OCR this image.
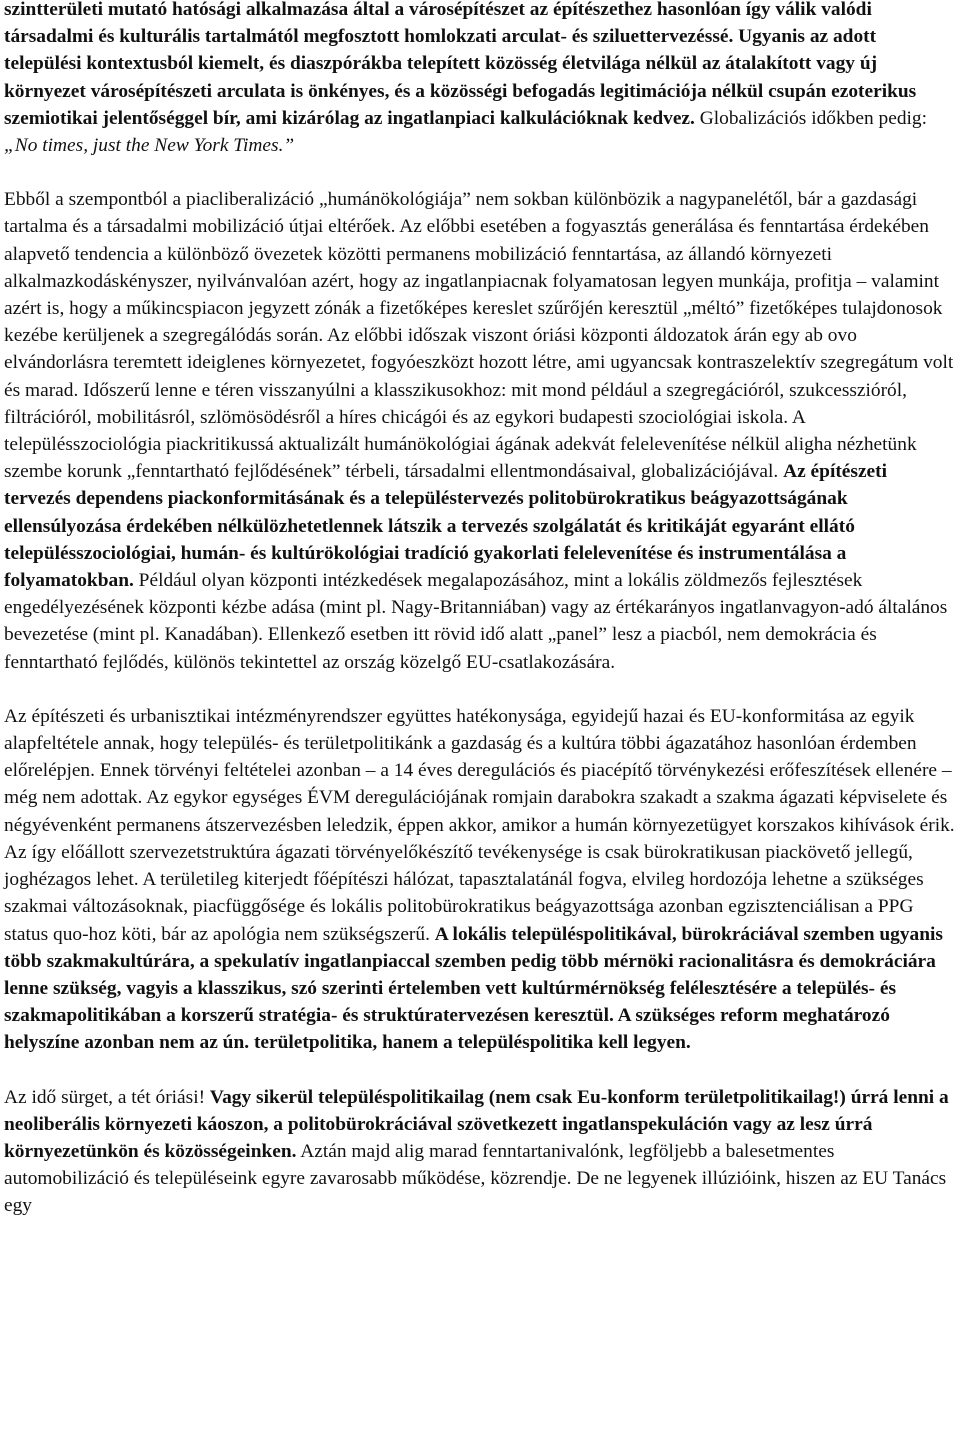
szintterületi mutató hatósági alkalmazása által a városépítészet az építészethez hasonlóan így válik valódi társadalmi és kulturális tartalmától megfosztott homlokzati arculat- és sziluettervezéssé. Ugyanis az adott települési kontextusból kiemelt, és diaszpórákba telepített közösség életvilága nélkül az átalakított vagy új környezet városépítészeti arculata is önkényes, és a közösségi befogadás legitimációja nélkül csupán ezoterikus szemiotikai jelentőséggel bír, ami kizárólag az ingatlanpiaci kalkulációknak kedvez. Globalizációs időkben pedig: „No times, just the New York Times.”

Ebből a szempontból a piacliberalizáció „humánökológiája” nem sokban különbözik a nagypanelétől, bár a gazdasági tartalma és a társadalmi mobilizáció útjai eltérőek. Az előbbi esetében a fogyasztás generálása és fenntartása érdekében alapvető tendencia a különböző övezetek közötti permanens mobilizáció fenntartása, az állandó környezeti alkalmazkodáskényszer, nyilvánvalóan azért, hogy az ingatlanpiacnak folyamatosan legyen munkája, profitja – valamint azért is, hogy a műkincspiacon jegyzett zónák a fizetőképes kereslet szűrőjén keresztül „méltó” fizetőképes tulajdonosok kezébe kerüljenek a szegregálódás során. Az előbbi időszak viszont óriási központi áldozatok árán egy ab ovo elvándorlásra teremtett ideiglenes környezetet, fogyóeszközt hozott létre, ami ugyancsak kontraszelektív szegregátum volt és marad. Időszerű lenne e téren visszanyúlni a klasszikusokhoz: mit mond például a szegregációról, szukcesszióról, filtrációról, mobilitásról, szlömösödésről a híres chicágói és az egykori budapesti szociológiai iskola. A településszociológia piackritikussá aktualizált humánökológiai ágának adekvát felelevenítése nélkül aligha nézhetünk szembe korunk „fenntartható fejlődésének” térbeli, társadalmi ellentmondásaival, globalizációjával. Az építészeti tervezés dependens piackonformitásának és a településtervezés politobürokratikus beágyazottságának ellensúlyozása érdekében nélkülözhetetlennek látszik a tervezés szolgálatát és kritikáját egyaránt ellátó településszociológiai, humán- és kultúrökológiai tradíció gyakorlati felelevenítése és instrumentálása a folyamatokban. Például olyan központi intézkedések megalapozásához, mint a lokális zöldmezős fejlesztések engedélyezésének központi kézbe adása (mint pl. Nagy-Britanniában) vagy az értékarányos ingatlanvagyon-adó általános bevezetése (mint pl. Kanadában). Ellenkező esetben itt rövid idő alatt „panel” lesz a piacból, nem demokrácia és fenntartható fejlődés, különös tekintettel az ország közelgő EU-csatlakozására.

Az építészeti és urbanisztikai intézményrendszer együttes hatékonysága, egyidejű hazai és EU-konformitása az egyik alapfeltétele annak, hogy település- és területpolitikánk a gazdaság és a kultúra többi ágazatához hasonlóan érdemben előrelépjen. Ennek törvényi feltételei azonban – a 14 éves deregulációs és piacépítő törvénykezési erőfeszítések ellenére – még nem adottak. Az egykor egységes ÉVM deregulációjának romjain darabokra szakadt a szakma ágazati képviselete és négyévenként permanens átszervezésben leledzik, éppen akkor, amikor a humán környezetügyet korszakos kihívások érik. Az így előállott szervezetstruktúra ágazati törvényelőkészítő tevékenysége is csak bürokratikusan piackövető jellegű, joghézagos lehet. A területileg kiterjedt főépítészi hálózat, tapasztalatánál fogva, elvileg hordozója lehetne a szükséges szakmai változásoknak, piacfüggősége és lokális politobürokratikus beágyazottsága azonban egzisztenciálisan a PPG status quo-hoz köti, bár az apológia nem szükségszerű. A lokális településpolitikával, bürokráciával szemben ugyanis több szakmakultúrára, a spekulatív ingatlanpiaccal szemben pedig több mérnöki racionalitásra és demokráciára lenne szükség, vagyis a klasszikus, szó szerinti értelemben vett kultúrmérnökség felélesztésére a település- és szakmapolitikában a korszerű stratégia- és struktúratervezésen keresztül. A szükséges reform meghatározó helyszíne azonban nem az ún. területpolitika, hanem a településpolitika kell legyen.

Az idő sürget, a tét óriási! Vagy sikerül településpolitikailag (nem csak Eu-konform területpolitikailag!) úrrá lenni a neoliberális környezeti káoszon, a politobürokráciával szövetkezett ingatlanspekuláción vagy az lesz úrrá környezetünkön és közösségeinken. Aztán majd alig marad fenntartanivalónk, legföljebb a balesetmentes automobilizáció és településeink egyre zavarosabb működése, közrendje. De ne legyenek illúzióink, hiszen az EU Tanács egy
